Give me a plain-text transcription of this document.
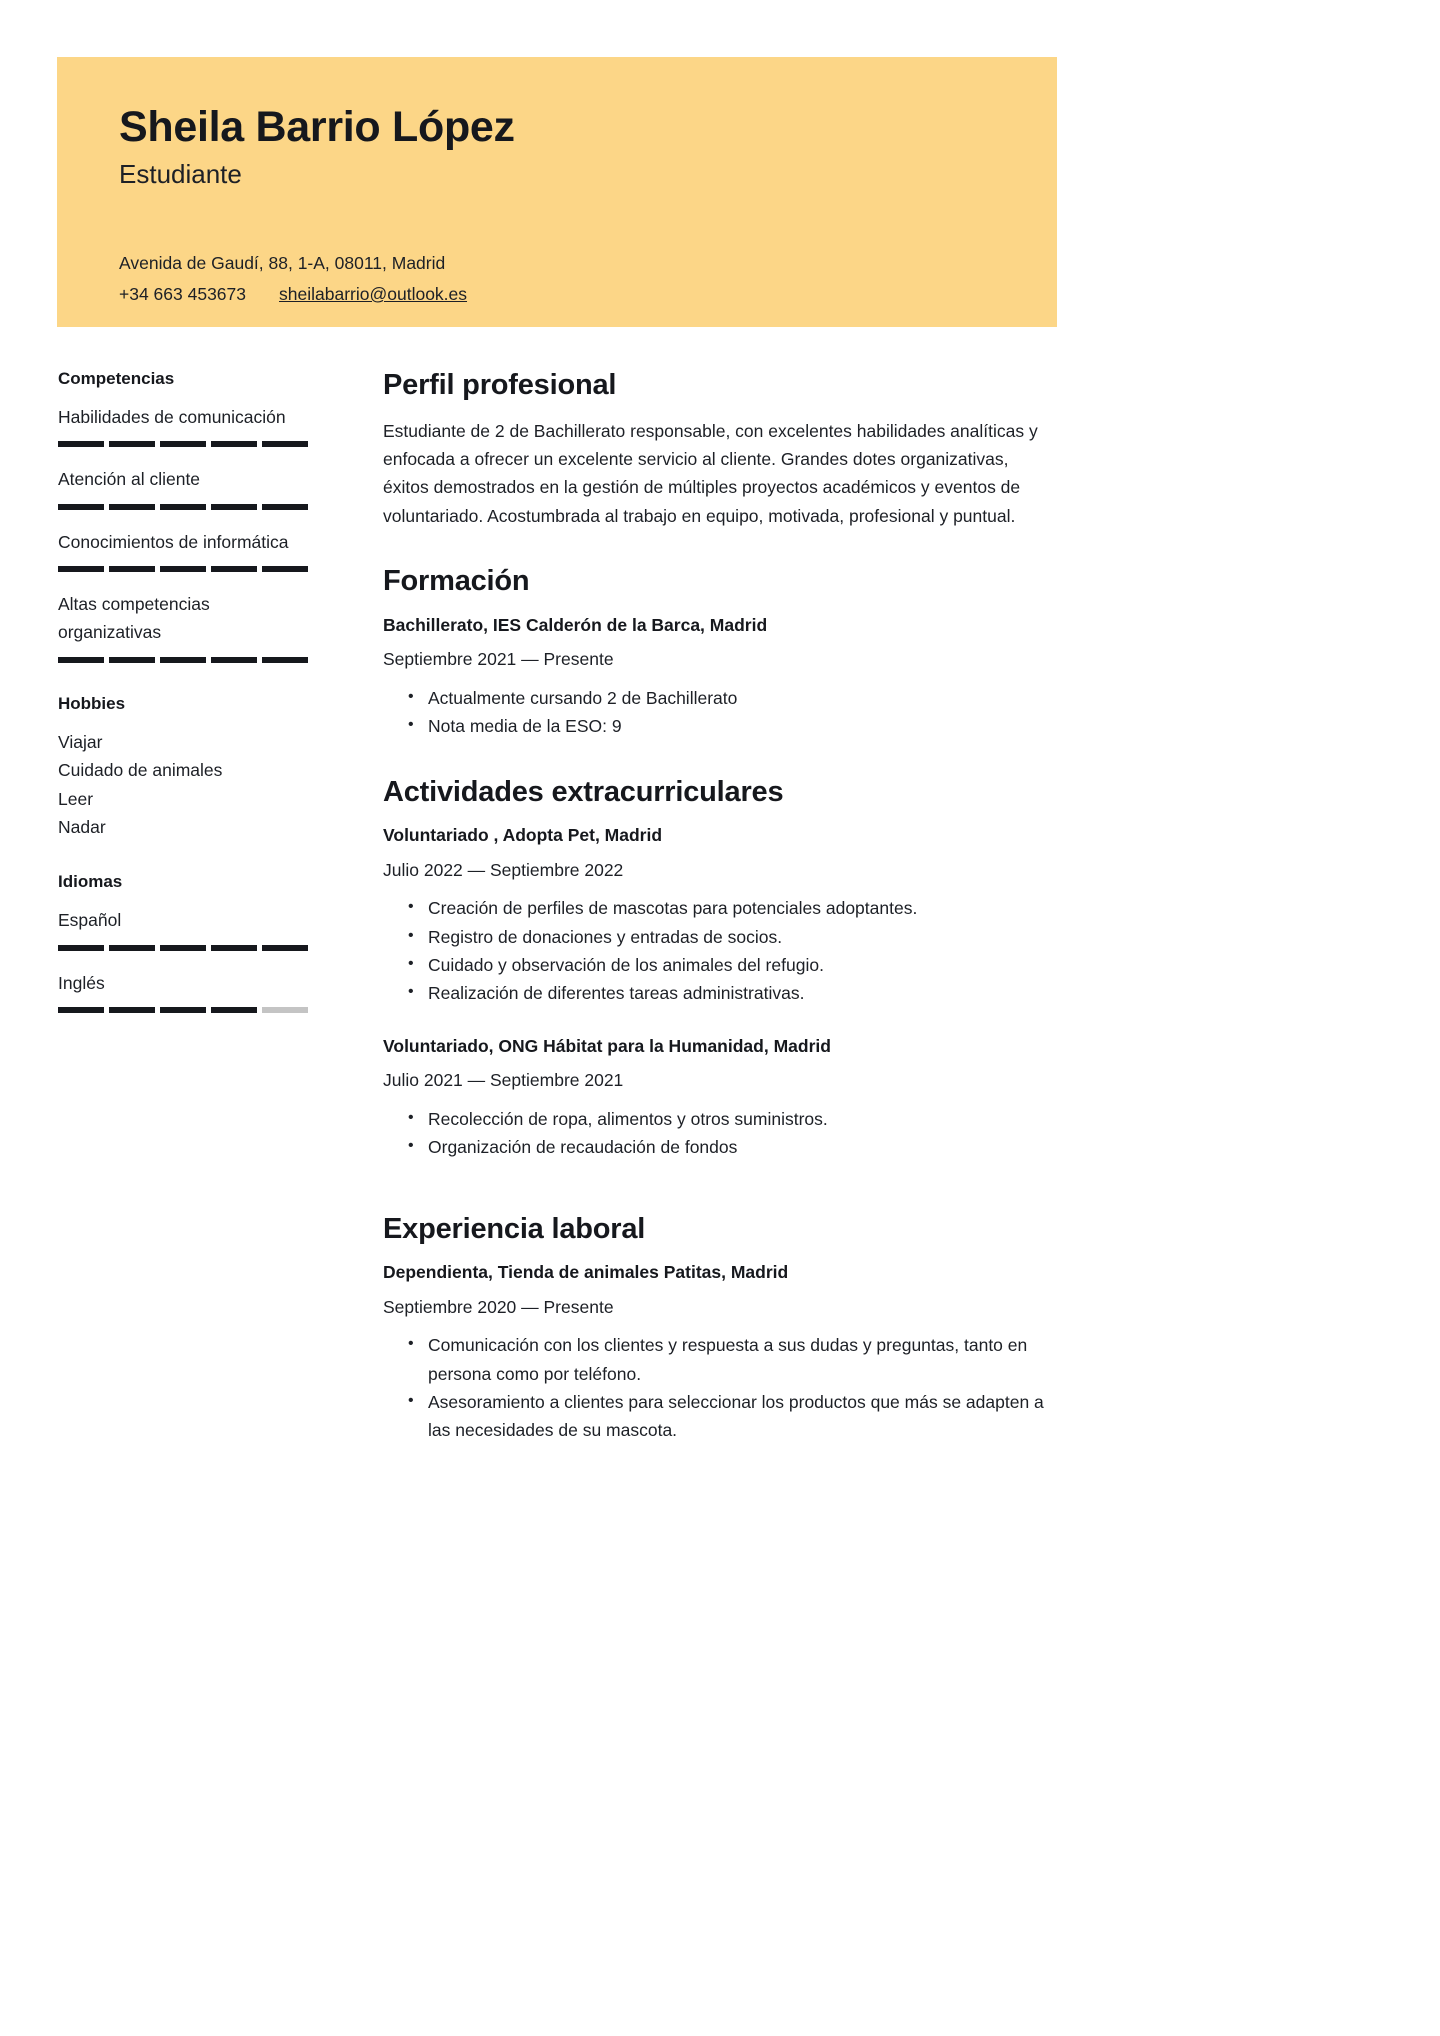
Sheila Barrio López
Estudiante
Avenida de Gaudí, 88, 1-A, 08011, Madrid
+34 663 453673 sheilabarrio@outlook.es
Competencias
Habilidades de comunicación
Atención al cliente
Conocimientos de informática
Altas competencias organizativas
Hobbies
Viajar
Cuidado de animales
Leer
Nadar
Idiomas
Español
Inglés
Perfil profesional

Estudiante de 2 de Bachillerato responsable, con excelentes habilidades analíticas y enfocada a ofrecer un excelente servicio al cliente. Grandes dotes organizativas, éxitos demostrados en la gestión de múltiples proyectos académicos y eventos de voluntariado. Acostumbrada al trabajo en equipo, motivada, profesional y puntual.

Formación
Bachillerato, IES Calderón de la Barca, Madrid
Septiembre 2021 — Presente
• Actualmente cursando 2 de Bachillerato
• Nota media de la ESO: 9
Actividades extracurriculares
Voluntariado , Adopta Pet, Madrid
Julio 2022 — Septiembre 2022
• Creación de perfiles de mascotas para potenciales adoptantes.
• Registro de donaciones y entradas de socios.
• Cuidado y observación de los animales del refugio.
• Realización de diferentes tareas administrativas.
Voluntariado, ONG Hábitat para la Humanidad, Madrid
Julio 2021 — Septiembre 2021
• Recolección de ropa, alimentos y otros suministros.
• Organización de recaudación de fondos
Experiencia laboral
Dependienta, Tienda de animales Patitas, Madrid
Septiembre 2020 — Presente
• Comunicación con los clientes y respuesta a sus dudas y preguntas, tanto en persona como por teléfono.
• Asesoramiento a clientes para seleccionar los productos que más se adapten a las necesidades de su mascota.
